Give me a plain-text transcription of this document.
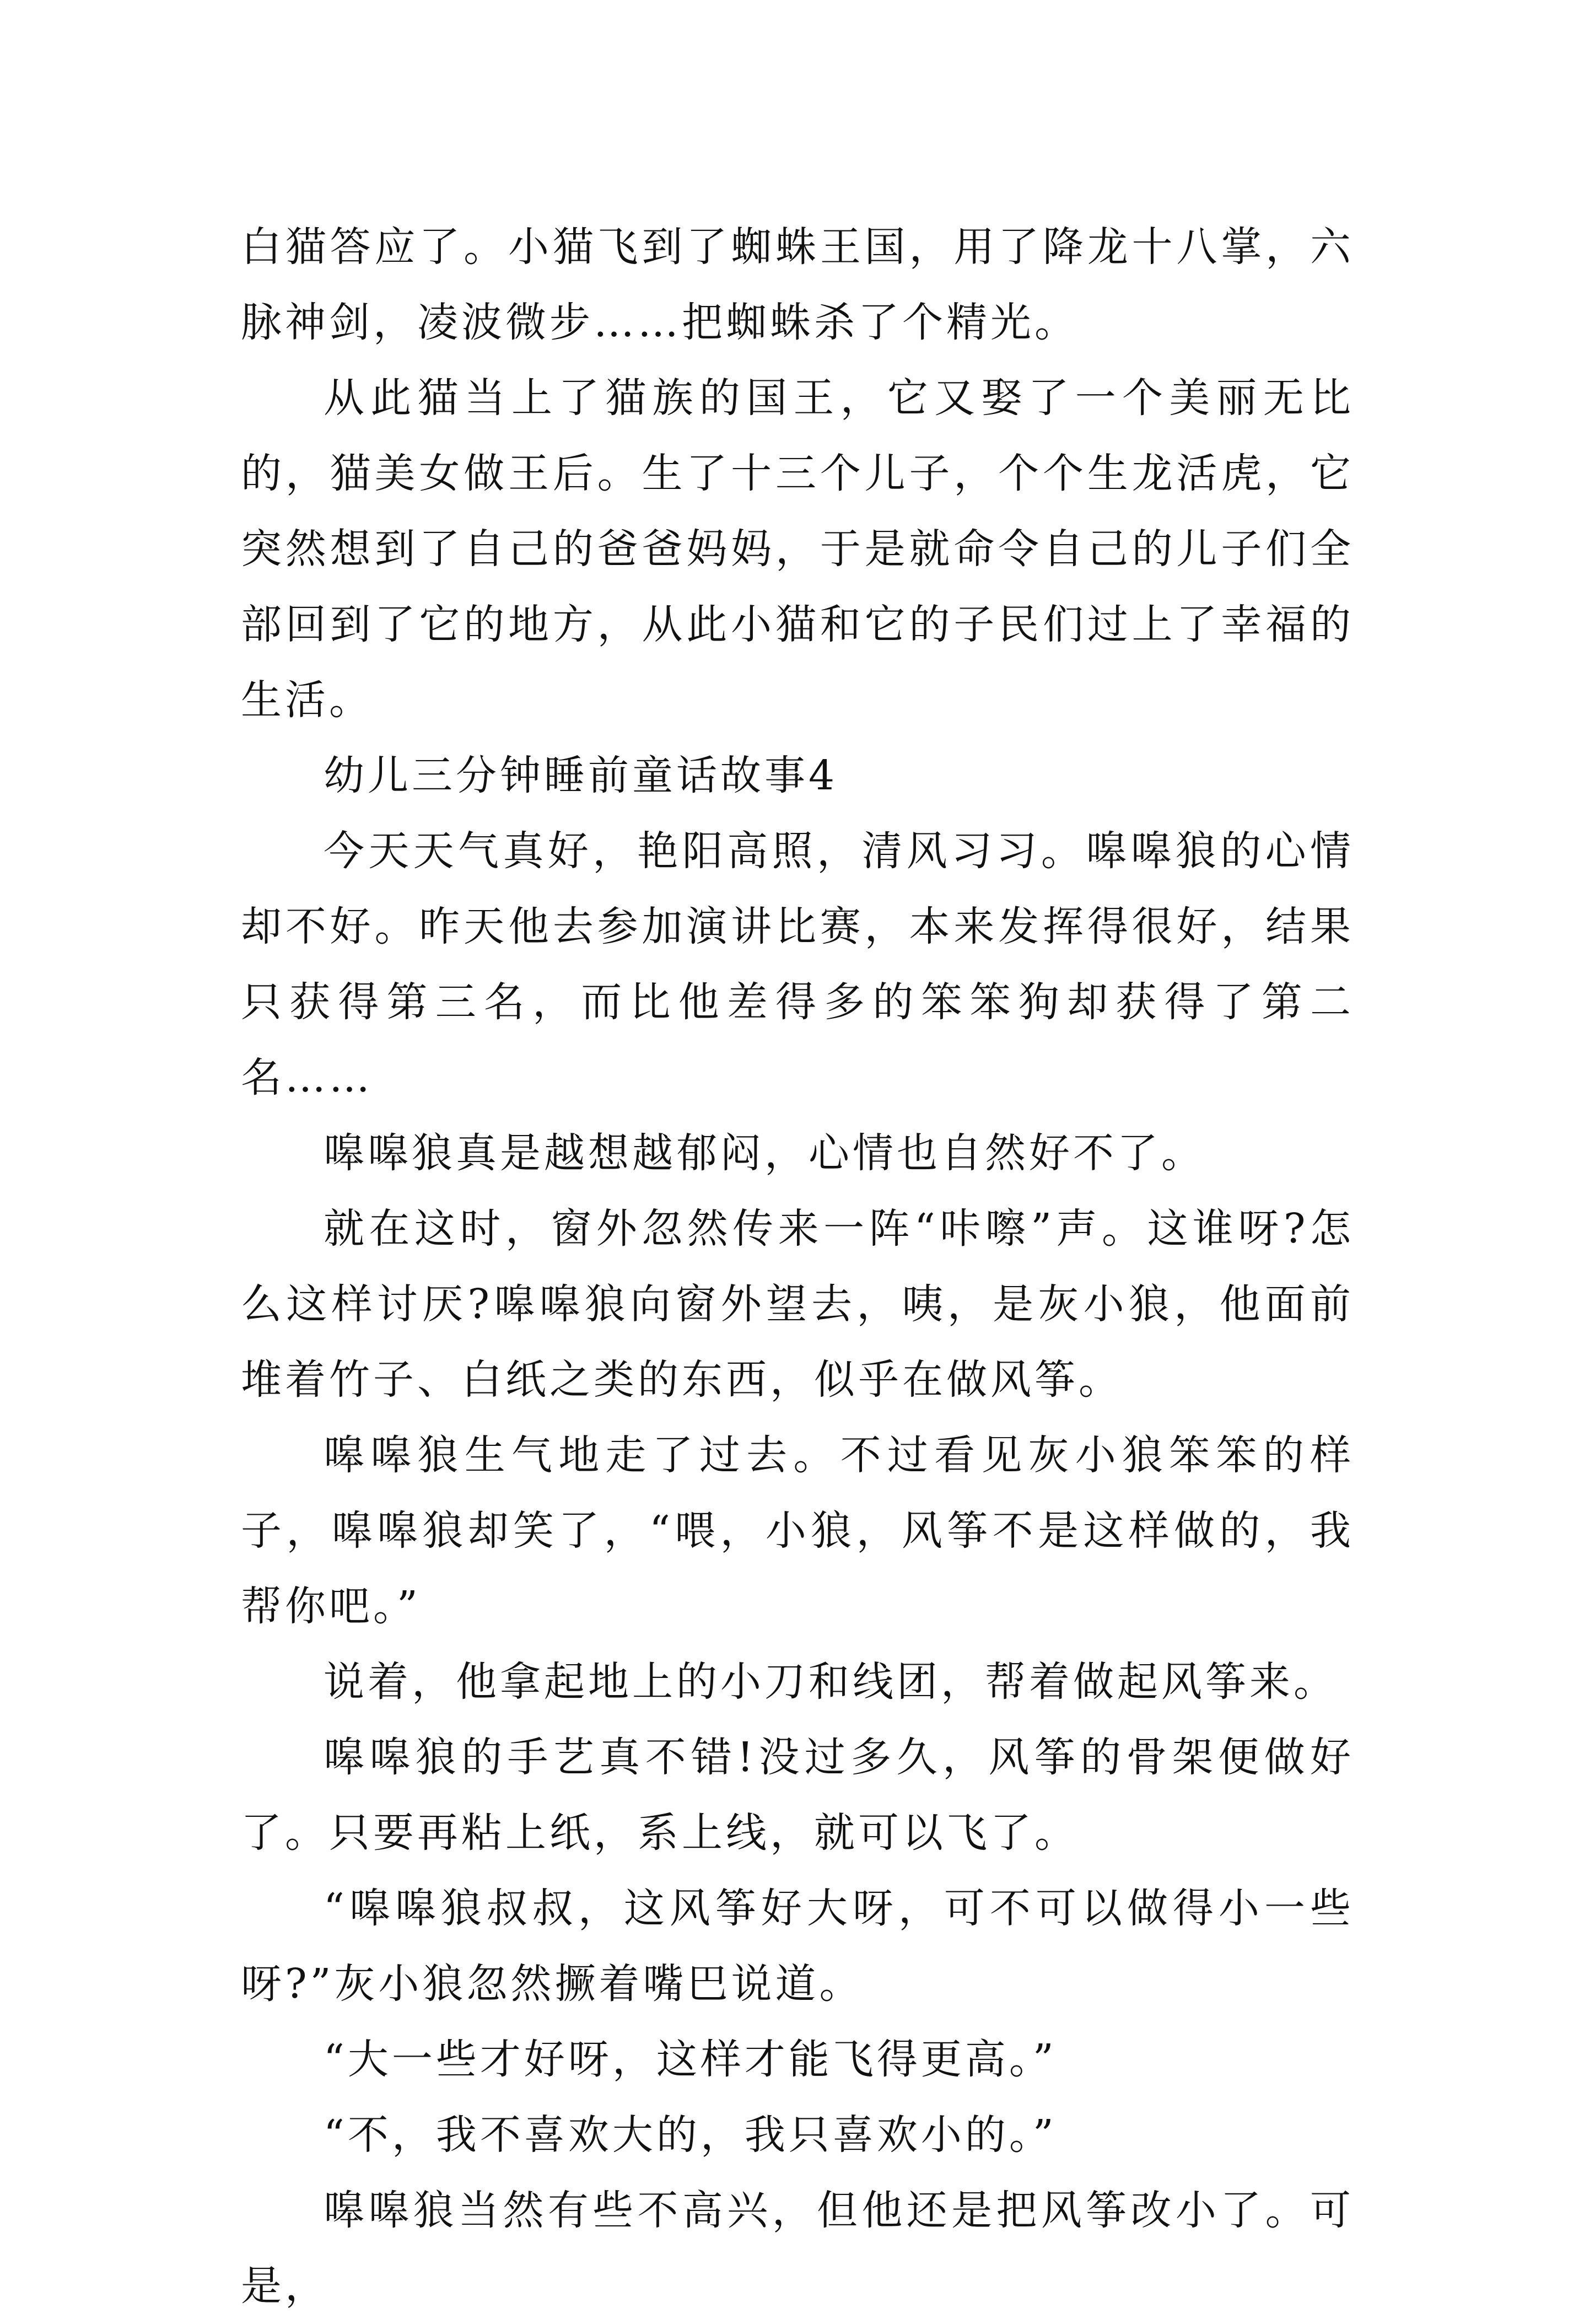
白猫答应了。小猫飞到了蜘蛛王国，用了降龙十八掌，六脉神剑，凌波微步……把蜘蛛杀了个精光。

从此猫当上了猫族的国王，它又娶了一个美丽无比的，猫美女做王后。生了十三个儿子，个个生龙活虎，它突然想到了自己的爸爸妈妈，于是就命令自己的儿子们全部回到了它的地方，从此小猫和它的子民们过上了幸福的生活。

幼儿三分钟睡前童话故事4

今天天气真好，艳阳高照，清风习习。嗥嗥狼的心情却不好。昨天他去参加演讲比赛，本来发挥得很好，结果只获得第三名，而比他差得多的笨笨狗却获得了第二名……

嗥嗥狼真是越想越郁闷，心情也自然好不了。

就在这时，窗外忽然传来一阵“咔嚓”声。这谁呀?怎么这样讨厌?嗥嗥狼向窗外望去，咦，是灰小狼，他面前堆着竹子、白纸之类的东西，似乎在做风筝。

嗥嗥狼生气地走了过去。不过看见灰小狼笨笨的样子，嗥嗥狼却笑了，“喂，小狼，风筝不是这样做的，我帮你吧。”

说着，他拿起地上的小刀和线团，帮着做起风筝来。

嗥嗥狼的手艺真不错!没过多久，风筝的骨架便做好了。只要再粘上纸，系上线，就可以飞了。

“嗥嗥狼叔叔，这风筝好大呀，可不可以做得小一些呀?”灰小狼忽然撅着嘴巴说道。

“大一些才好呀，这样才能飞得更高。”

“不，我不喜欢大的，我只喜欢小的。”

嗥嗥狼当然有些不高兴，但他还是把风筝改小了。可是，
